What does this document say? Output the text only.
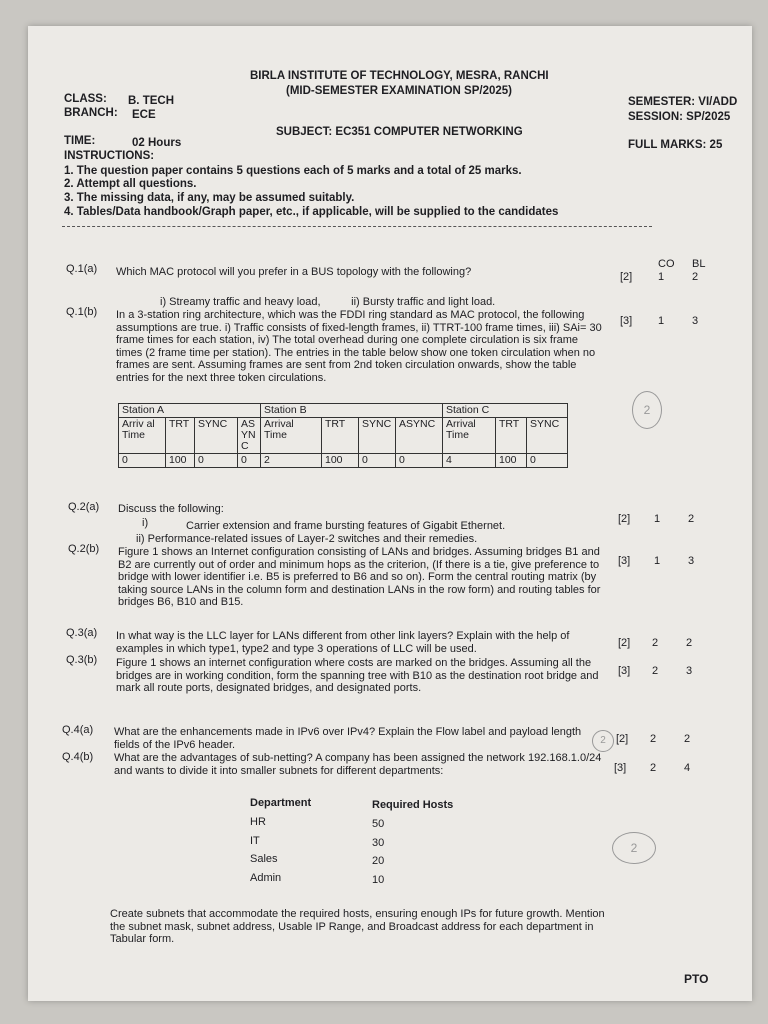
BIRLA INSTITUTE OF TECHNOLOGY, MESRA, RANCHI
(MID-SEMESTER EXAMINATION SP/2025)
CLASS: B. TECH
BRANCH: ECE
SEMESTER: VI/ADD
SESSION: SP/2025
SUBJECT: EC351 COMPUTER NETWORKING
TIME:	02 Hours	FULL MARKS: 25
INSTRUCTIONS:
1. The question paper contains 5 questions each of 5 marks and a total of 25 marks.
2. Attempt all questions.
3. The missing data, if any, may be assumed suitably.
4. Tables/Data handbook/Graph paper, etc., if applicable, will be supplied to the candidates
CO BL
Q.1(a) Which MAC protocol will you prefer in a BUS topology with the following?	[2] 1	2
i) Streamy traffic and heavy load,          ii) Bursty traffic and light load.
Q.1(b) In a 3-station ring architecture, which was the FDDI ring standard as MAC protocol, the following assumptions are true. i) Traffic consists of fixed-length frames, ii) TTRT-100 frame times, iii) SAi= 30 frame times for each station, iv) The total overhead during one complete circulation is six frame times (2 frame time per station). The entries in the table below show one token circulation when no frames are sent. Assuming frames are sent from 2nd token circulation onwards, show the table entries for the next three token circulations.
[3] 1	3
Station A				Station B				Station C		
Arriv al Time	TRT	SYNC	AS YN C	Arrival Time	TRT	SYNC	ASYNC	Arrival Time	TRT	SYNC
0	100	0	0	2	100	0	0	4	100	0
2
Q.2(a) Discuss the following:
i)	Carrier extension and frame bursting features of Gigabit Ethernet.
ii) Performance-related issues of Layer-2 switches and their remedies.
[2] 1	2
Q.2(b) Figure 1 shows an Internet configuration consisting of LANs and bridges. Assuming bridges B1 and B2 are currently out of order and minimum hops as the criterion, (If there is a tie, give preference to bridge with lower identifier i.e. B5 is preferred to B6 and so on). Form the central routing matrix (by taking source LANs in the column form and destination LANs in the row form) and routing tables for bridges B6, B10 and B15.
[3] 1	3
Q.3(a) In what way is the LLC layer for LANs different from other link layers? Explain with the help of examples in which type1, type2 and type 3 operations of LLC will be used.	[2] 2	2
Q.3(b) Figure 1 shows an internet configuration where costs are marked on the bridges. Assuming all the bridges are in working condition, form the spanning tree with B10 as the destination root bridge and mark all route ports, designated bridges, and designated ports.
[3] 2	3
Q.4(a) What are the enhancements made in IPv6 over IPv4? Explain the Flow label and payload length fields of the IPv6 header.	2 [2] 2	2
Q.4(b) What are the advantages of sub-netting? A company has been assigned the network 192.168.1.0/24 and wants to divide it into smaller subnets for different departments:	[3] 2	4
Department	Required Hosts
HR	50
IT	30
Sales	20
Admin	10
2
Create subnets that accommodate the required hosts, ensuring enough IPs for future growth. Mention the subnet mask, subnet address, Usable IP Range, and Broadcast address for each department in Tabular form.
PTO
